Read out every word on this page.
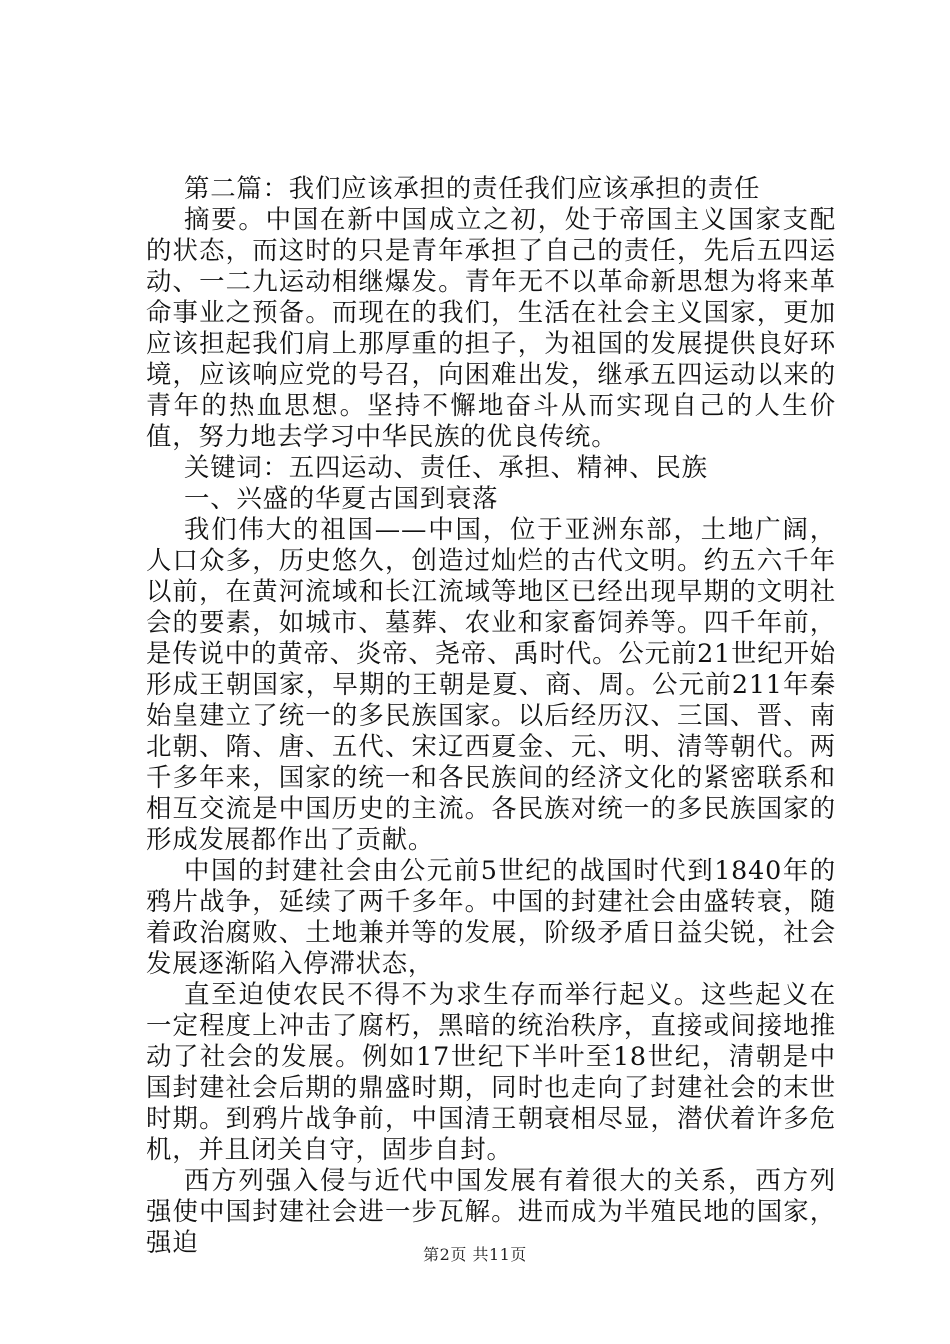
第二篇：我们应该承担的责任我们应该承担的责任

摘要。中国在新中国成立之初，处于帝国主义国家支配的状态，而这时的只是青年承担了自己的责任，先后五四运动、一二九运动相继爆发。青年无不以革命新思想为将来革命事业之预备。而现在的我们，生活在社会主义国家，更加应该担起我们肩上那厚重的担子，为祖国的发展提供良好环境，应该响应党的号召，向困难出发，继承五四运动以来的青年的热血思想。坚持不懈地奋斗从而实现自己的人生价值，努力地去学习中华民族的优良传统。

关键词：五四运动、责任、承担、精神、民族

一、兴盛的华夏古国到衰落

我们伟大的祖国——中国，位于亚洲东部，土地广阔，人口众多，历史悠久，创造过灿烂的古代文明。约五六千年以前，在黄河流域和长江流域等地区已经出现早期的文明社会的要素，如城市、墓葬、农业和家畜饲养等。四千年前，是传说中的黄帝、炎帝、尧帝、禹时代。公元前21世纪开始形成王朝国家，早期的王朝是夏、商、周。公元前211年秦始皇建立了统一的多民族国家。以后经历汉、三国、晋、南北朝、隋、唐、五代、宋辽西夏金、元、明、清等朝代。两千多年来，国家的统一和各民族间的经济文化的紧密联系和相互交流是中国历史的主流。各民族对统一的多民族国家的形成发展都作出了贡献。

中国的封建社会由公元前5世纪的战国时代到1840年的鸦片战争，延续了两千多年。中国的封建社会由盛转衰，随着政治腐败、土地兼并等的发展，阶级矛盾日益尖锐，社会发展逐渐陷入停滞状态，

直至迫使农民不得不为求生存而举行起义。这些起义在一定程度上冲击了腐朽，黑暗的统治秩序，直接或间接地推动了社会的发展。例如17世纪下半叶至18世纪，清朝是中国封建社会后期的鼎盛时期，同时也走向了封建社会的末世时期。到鸦片战争前，中国清王朝衰相尽显，潜伏着许多危机，并且闭关自守，固步自封。

西方列强入侵与近代中国发展有着很大的关系，西方列强使中国封建社会进一步瓦解。进而成为半殖民地的国家，强迫	第2页 共11页
